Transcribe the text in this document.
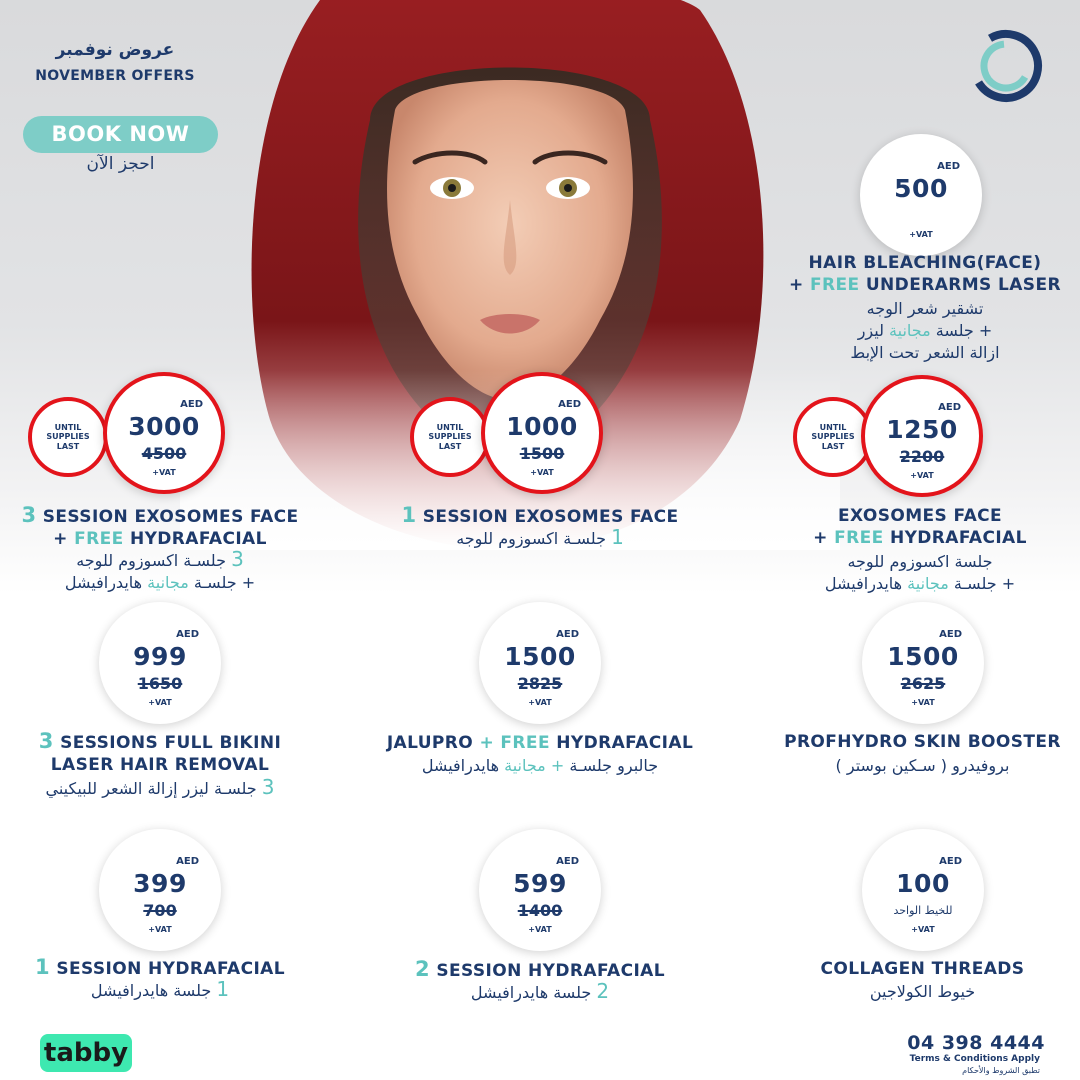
عروض نوفمبر
NOVEMBER OFFERS
BOOK NOW
احجز الآن	AED
500
+VAT
HAIR BLEACHING(FACE)
+ FREE UNDERARMS LASER
تشقير شعر الوجه
+ جلسة مجانية ليزر
ازالة الشعر تحت الإبط
UNTIL SUPPLIES LAST
AED
3000
4500
+VAT
3 SESSION EXOSOMES FACE
+ FREE HYDRAFACIAL
3 جلسـة اكسوزوم للوجه
+ جلسـة مجانية هايدرافيشل
UNTIL SUPPLIES LAST
AED
1000
1500
+VAT
1 SESSION EXOSOMES FACE
1 جلسـة اكسوزوم للوجه
UNTIL SUPPLIES LAST
AED
1250
2200
+VAT
EXOSOMES FACE
+ FREE HYDRAFACIAL
جلسة اكسوزوم للوجه
+ جلسـة مجانية هايدرافيشل
AED
999
1650
+VAT
3 SESSIONS FULL BIKINI
LASER HAIR REMOVAL
3 جلسـة ليزر إزالة الشعر للبيكيني
AED
1500
2825
+VAT
JALUPRO + FREE HYDRAFACIAL
جالبرو جلسـة + مجانية هايدرافيشل
AED
1500
2625
+VAT
PROFHYDRO SKIN BOOSTER
بروفيدرو ( سـكين بوستر )
AED
399
700
+VAT
1 SESSION HYDRAFACIAL
1 جلسة هايدرافيشل
AED
599
1400
+VAT
2 SESSION HYDRAFACIAL
2 جلسة هايدرافيشل
AED
100
للخيط الواحد
+VAT
COLLAGEN THREADS
خيوط الكولاجين
tabby	04 398 4444
Terms & Conditions Apply
تطبق الشروط والأحكام
